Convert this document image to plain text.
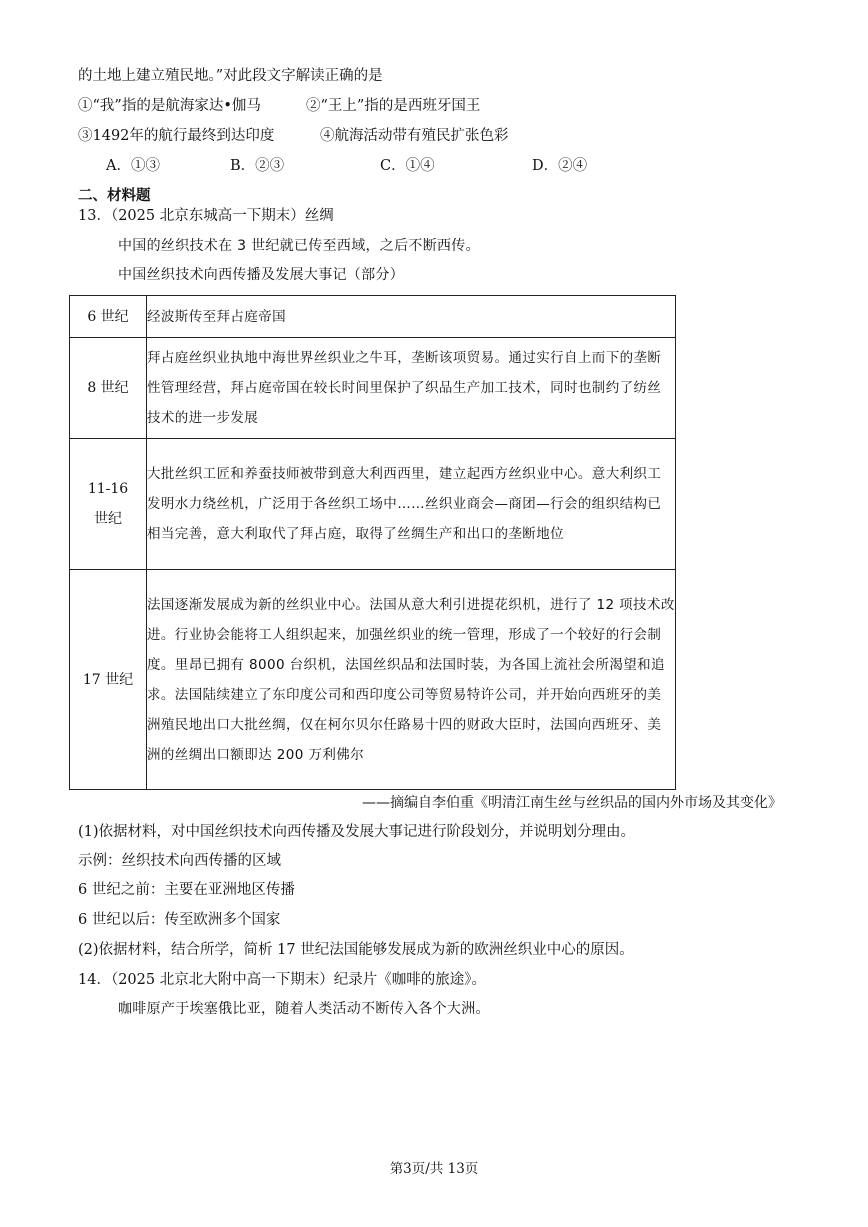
的土地上建立殖民地。”对此段文字解读正确的是
①“我”指的是航海家达•伽马	②“王上”指的是西班牙国王
③1492年的航行最终到达印度	④航海活动带有殖民扩张色彩
A．①③	B．②③	C．①④	D．②④
二、材料题
13．（2025 北京东城高一下期末）丝绸
中国的丝织技术在 3 世纪就已传至西域，之后不断西传。
中国丝织技术向西传播及发展大事记（部分）
6 世纪	经波斯传至拜占庭帝国
8 世纪	拜占庭丝织业执地中海世界丝织业之牛耳，垄断该项贸易。通过实行自上而下的垄断性管理经营，拜占庭帝国在较长时间里保护了织品生产加工技术，同时也制约了纺丝技术的进一步发展
11-16 世纪	大批丝织工匠和养蚕技师被带到意大利西西里，建立起西方丝织业中心。意大利织工发明水力绕丝机，广泛用于各丝织工场中……丝织业商会—商团—行会的组织结构已相当完善，意大利取代了拜占庭，取得了丝绸生产和出口的垄断地位
17 世纪	法国逐渐发展成为新的丝织业中心。法国从意大利引进提花织机，进行了 12 项技术改进。行业协会能将工人组织起来，加强丝织业的统一管理，形成了一个较好的行会制度。里昂已拥有 8000 台织机，法国丝织品和法国时装，为各国上流社会所渴望和追求。法国陆续建立了东印度公司和西印度公司等贸易特许公司，并开始向西班牙的美洲殖民地出口大批丝绸，仅在柯尔贝尔任路易十四的财政大臣时，法国向西班牙、美洲的丝绸出口额即达 200 万利佛尔
——摘编自李伯重《明清江南生丝与丝织品的国内外市场及其变化》
(1)依据材料，对中国丝织技术向西传播及发展大事记进行阶段划分，并说明划分理由。
示例：丝织技术向西传播的区域
6 世纪之前：主要在亚洲地区传播
6 世纪以后：传至欧洲多个国家
(2)依据材料，结合所学，简析 17 世纪法国能够发展成为新的欧洲丝织业中心的原因。
14．（2025 北京北大附中高一下期末）纪录片《咖啡的旅途》。
咖啡原产于埃塞俄比亚，随着人类活动不断传入各个大洲。
第3页/共 13页
